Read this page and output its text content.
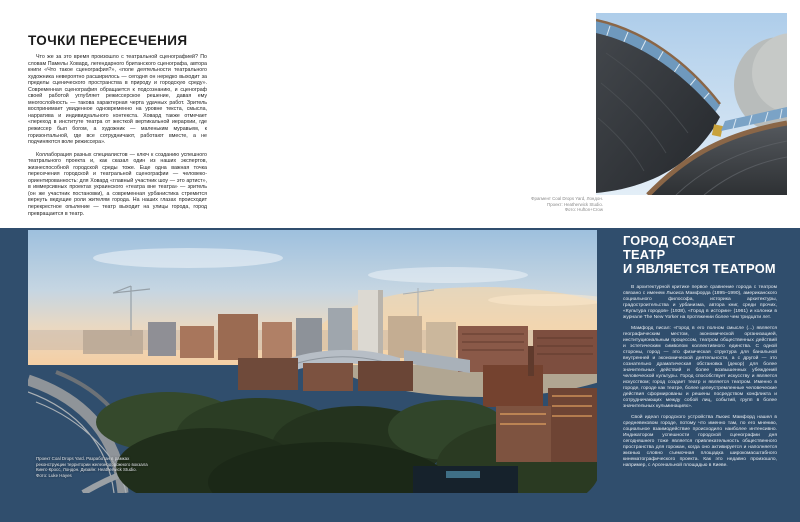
ТОЧКИ ПЕРЕСЕЧЕНИЯ

Что же за это время произошло с театральной сценографией? По словам Памелы Ховард, легендарного британского сценографа, автора книги «Что такое сценография?», «поле деятельности театрального художника невероятно расширилось — сегодня он нередко выходит за пределы сценического пространства в природу и городскую среду». Современная сценография обращается к подсознанию, и сценограф своей работой углубляет режиссерское решение, давая ему многослойность — такова характерная черта удачных работ. Зритель воспринимает увиденное одновременно на уровне текста, смысла, нарратива и индивидуального контекста. Ховард также отмечает «переход в институте театра от жесткой вертикальной иерархии, где режиссер был богом, а художник — маленьким муравьем, к горизонтальной, где все сотрудничают, работают вместе, а не подчиняются воле режиссера».

Коллаборация разных специалистов — ключ к созданию успешного театрального проекта и, как сказал один из наших экспертов, жизнеспособной городской среды тоже. Еще одна важная точка пересечения городской и театральной сценографии — человеко-ориентированность: для Ховард «главный участник шоу — это артист», в иммерсивных проектах украинского «театра вне театра» — зритель (он же участник постановки), а современная урбанистика стремится вернуть ведущие роли жителям города. На наших глазах происходит перекрестное опыление — театр выходит на улицы города, город превращается в театр.

Фрагмент Coal Drops Yard, Лондон.
Проект: Heatherwick Studio.
Фото: Hufton+Crow
Проект Coal Drops Yard. Разработан в рамках
реконструкции территории железнодорожного вокзала
Кингс-Кросс, Лондон. Дизайн: Heatherwick Studio.
Фото: Luke Hayes
ГОРОД СОЗДАЕТ ТЕАТР
И ЯВЛЯЕТСЯ ТЕАТРОМ

В архитектурной критике первое сравнение города с театром связано с именем Льюиса Мамфорда (1895–1990), американского социального философа, историка архитектуры, градостроительства и урбанизма, автора книг, среди прочих, «Культура городов» (1938), «Город в истории» (1961) и колонки в журнале The New Yorker на протяжении более чем тридцати лет.

Мамфорд писал: «Город в его полном смысле (...) является географическим местом, экономической организацией, институциональным процессом, театром общественных действий и эстетическим символом коллективного единства. С одной стороны, город — это физическая структура для банальной внутренней и экономической деятельности, а с другой — это сознательно драматическая обстановка (декор) для более значительных действий и более возвышенных убеждений человеческой культуры. Город способствует искусству и является искусством; город создает театр и является театром. Именно в городе, городе как театре, более целеустремленные человеческие действия сформированы и решены посредством конфликта и сотрудничающих между собой лиц, событий, групп в более значительных кульминациях».

Свой идеал городского устройства Льюис Мамфорд нашел в средневековом городе, потому что именно там, по его мнению, социальное взаимодействие происходило наиболее интенсивно. Индикатором успешности городской сценографии дня сегодняшнего тоже является привлекательность общественного пространства для горожан, когда оно активируется и наполняется жизнью словно съемочная площадка широкомасштабного кинематографического проекта. Как это недавно произошло, например, с Арсенальной площадью в Киеве.
